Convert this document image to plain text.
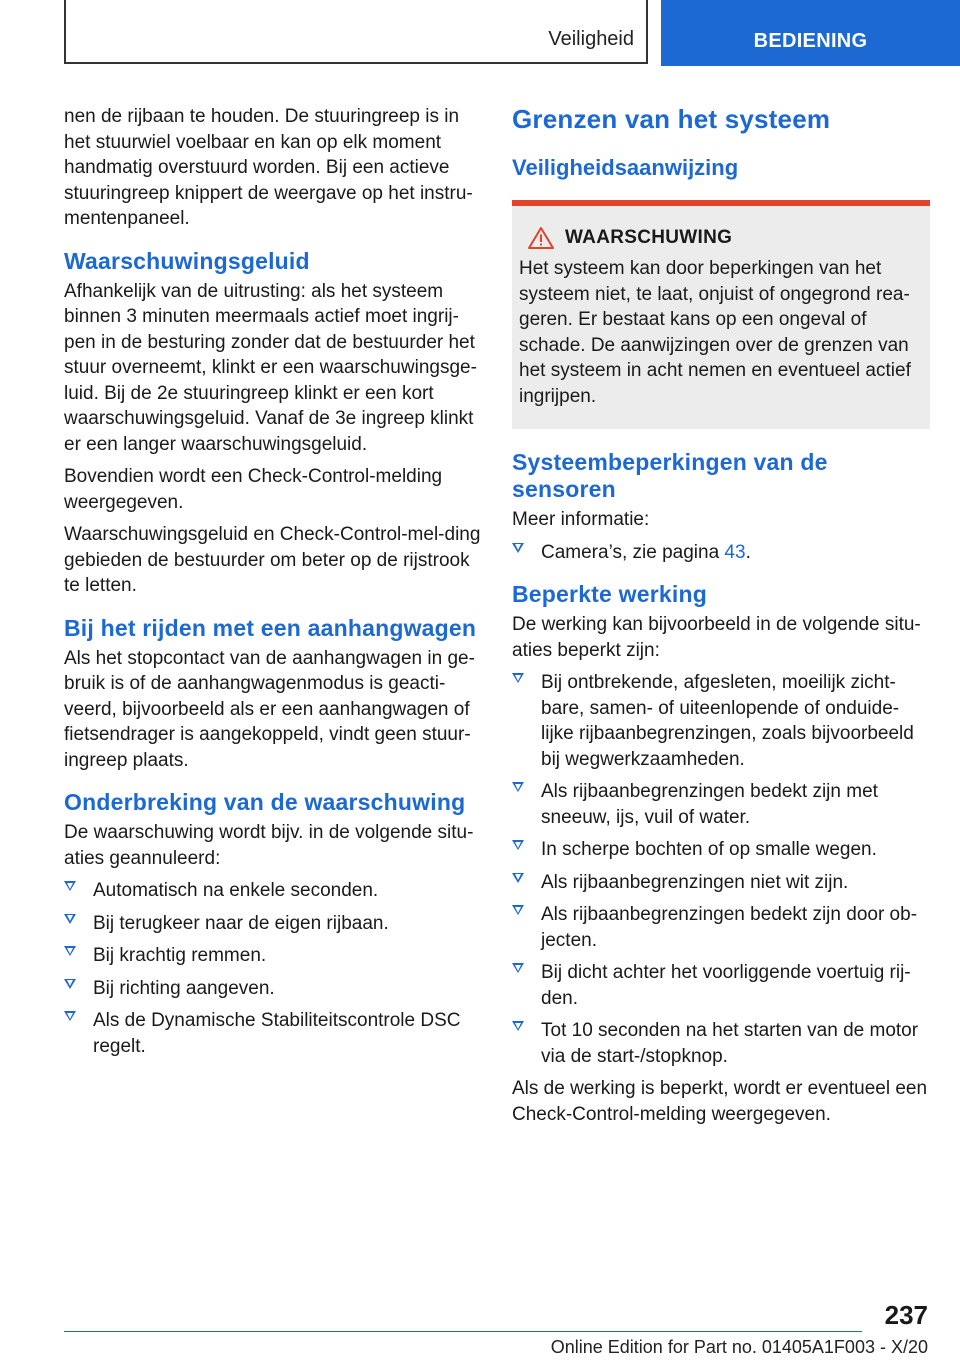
Veiligheid	BEDIENING

nen de rijbaan te houden. De stuuringreep is in het stuurwiel voelbaar en kan op elk moment handmatig overstuurd worden. Bij een actieve stuuringreep knippert de weergave op het instru-mentenpaneel.

Waarschuwingsgeluid

Afhankelijk van de uitrusting: als het systeem binnen 3 minuten meermaals actief moet ingrij-pen in de besturing zonder dat de bestuurder het stuur overneemt, klinkt er een waarschuwingsge-luid. Bij de 2e stuuringreep klinkt er een kort waarschuwingsgeluid. Vanaf de 3e ingreep klinkt er een langer waarschuwingsgeluid.

Bovendien wordt een Check-Control-melding weergegeven.

Waarschuwingsgeluid en Check-Control-mel-ding gebieden de bestuurder om beter op de rijstrook te letten.

Bij het rijden met een aanhangwagen

Als het stopcontact van de aanhangwagen in ge-bruik is of de aanhangwagenmodus is geacti-veerd, bijvoorbeeld als er een aanhangwagen of fietsendrager is aangekoppeld, vindt geen stuur-ingreep plaats.

Onderbreking van de waarschuwing

De waarschuwing wordt bijv. in de volgende situ-aties geannuleerd:

Automatisch na enkele seconden.
Bij terugkeer naar de eigen rijbaan.
Bij krachtig remmen.
Bij richting aangeven.
Als de Dynamische Stabiliteitscontrole DSC regelt.
Grenzen van het systeem
Veiligheidsaanwijzing
WAARSCHUWING

Het systeem kan door beperkingen van het systeem niet, te laat, onjuist of ongegrond rea-geren. Er bestaat kans op een ongeval of schade. De aanwijzingen over de grenzen van het systeem in acht nemen en eventueel actief ingrijpen.

Systeembeperkingen van de sensoren

Meer informatie:

Camera’s, zie pagina 43.
Beperkte werking

De werking kan bijvoorbeeld in de volgende situ-aties beperkt zijn:

Bij ontbrekende, afgesleten, moeilijk zicht-bare, samen- of uiteenlopende of onduide-lijke rijbaanbegrenzingen, zoals bijvoorbeeld bij wegwerkzaamheden.
Als rijbaanbegrenzingen bedekt zijn met sneeuw, ijs, vuil of water.
In scherpe bochten of op smalle wegen.
Als rijbaanbegrenzingen niet wit zijn.
Als rijbaanbegrenzingen bedekt zijn door ob-jecten.
Bij dicht achter het voorliggende voertuig rij-den.
Tot 10 seconden na het starten van de motor via de start-/stopknop.

Als de werking is beperkt, wordt er eventueel een Check-Control-melding weergegeven.

237
Online Edition for Part no. 01405A1F003 - X/20
